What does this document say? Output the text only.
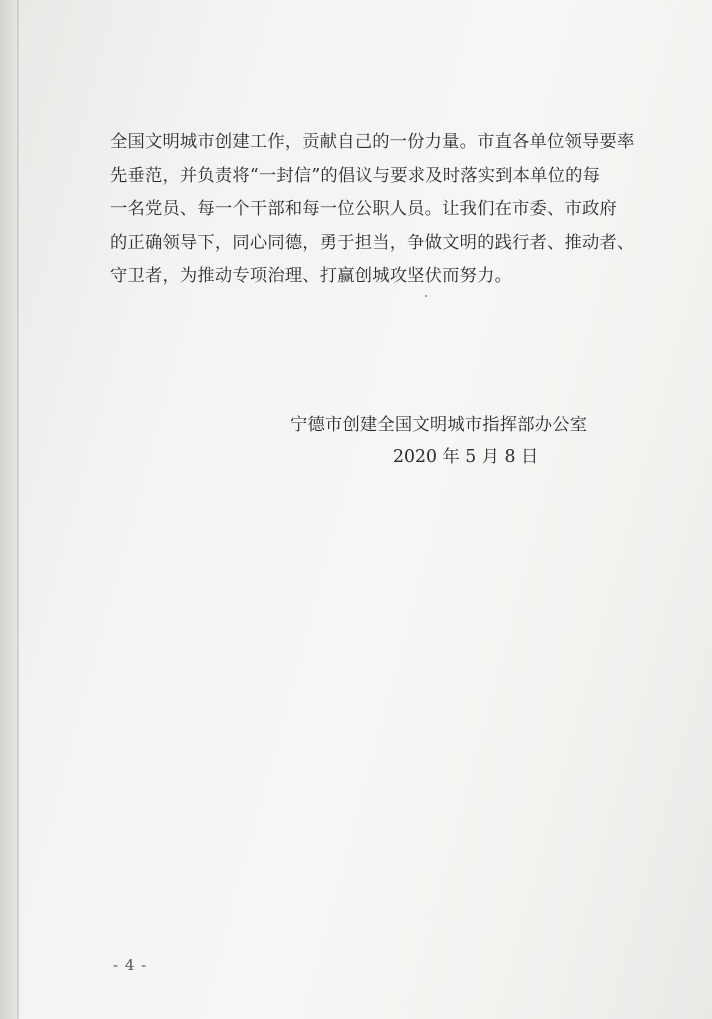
全国文明城市创建工作，贡献自己的一份力量。市直各单位领导要率
先垂范，并负责将“一封信”的倡议与要求及时落实到本单位的每
一名党员、每一个干部和每一位公职人员。让我们在市委、市政府
的正确领导下，同心同德，勇于担当，争做文明的践行者、推动者、
守卫者，为推动专项治理、打赢创城攻坚伏而努力。
宁德市创建全国文明城市指挥部办公室
2020 年 5 月 8 日
- 4 -
